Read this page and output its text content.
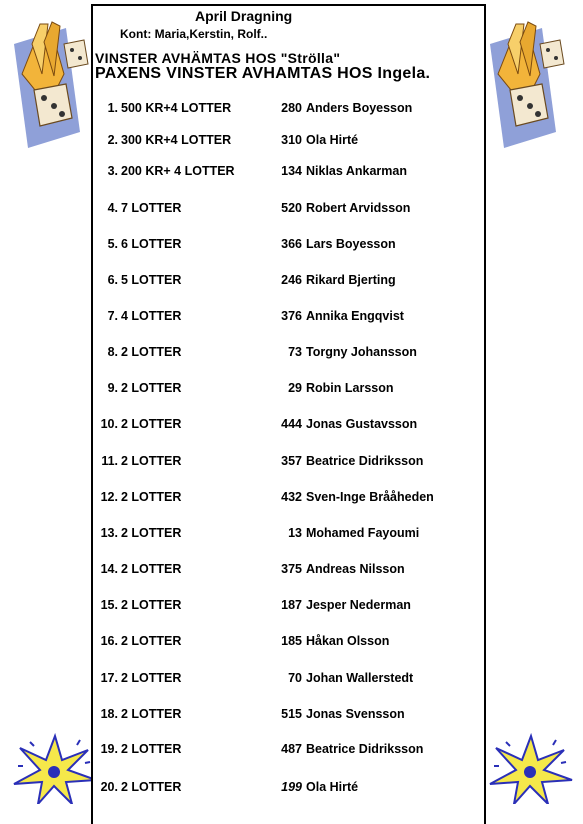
April Dragning
Kont: Maria,Kerstin, Rolf..
VINSTER AVHÄMTAS HOS "Strölla"
PAXENS VINSTER AVHAMTAS HOS Ingela.
1. 500 KR+4 LOTTER	280 Anders Boyesson
2. 300 KR+4 LOTTER	310 Ola Hirté
3. 200 KR+ 4 LOTTER	134 Niklas Ankarman
4. 7 LOTTER	520 Robert Arvidsson
5. 6 LOTTER	366 Lars Boyesson
6. 5 LOTTER	246 Rikard Bjerting
7. 4 LOTTER	376 Annika Engqvist
8. 2 LOTTER	73 Torgny Johansson
9. 2 LOTTER	29 Robin Larsson
10. 2 LOTTER	444 Jonas Gustavsson
11. 2 LOTTER	357 Beatrice Didriksson
12. 2 LOTTER	432 Sven-Inge Brååheden
13. 2 LOTTER	13 Mohamed Fayoumi
14. 2 LOTTER	375 Andreas Nilsson
15. 2 LOTTER	187 Jesper Nederman
16. 2 LOTTER	185 Håkan Olsson
17. 2 LOTTER	70 Johan Wallerstedt
18. 2 LOTTER	515 Jonas Svensson
19. 2 LOTTER	487 Beatrice Didriksson
20. 2 LOTTER	199 Ola Hirté
